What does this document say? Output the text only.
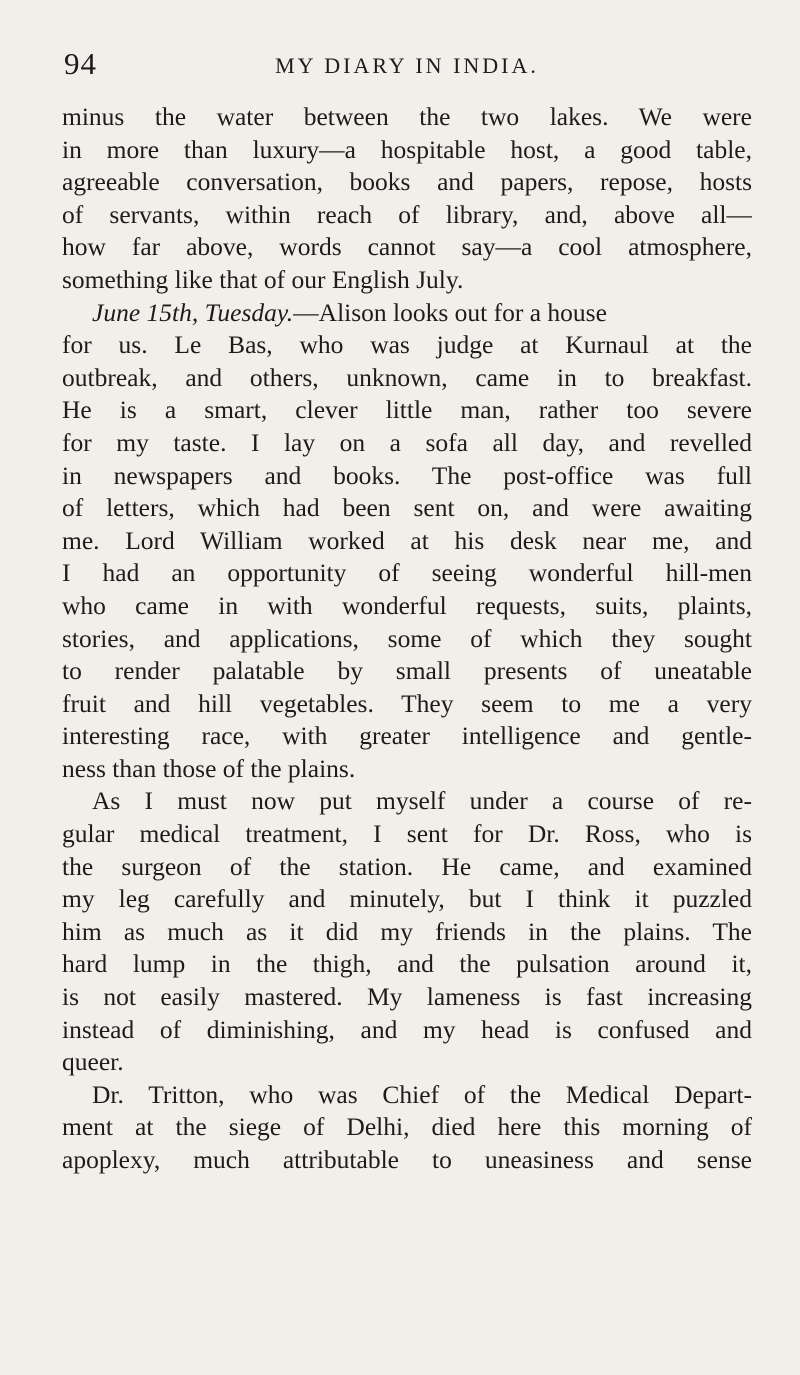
94	MY DIARY IN INDIA.
minus the water between the two lakes. We were
in more than luxury—a hospitable host, a good table,
agreeable conversation, books and papers, repose, hosts
of servants, within reach of library, and, above all—
how far above, words cannot say—a cool atmosphere,
something like that of our English July.
June 15th, Tuesday.—Alison looks out for a house
for us. Le Bas, who was judge at Kurnaul at the
outbreak, and others, unknown, came in to breakfast.
He is a smart, clever little man, rather too severe
for my taste. I lay on a sofa all day, and revelled
in newspapers and books. The post-office was full
of letters, which had been sent on, and were awaiting
me. Lord William worked at his desk near me, and
I had an opportunity of seeing wonderful hill-men
who came in with wonderful requests, suits, plaints,
stories, and applications, some of which they sought
to render palatable by small presents of uneatable
fruit and hill vegetables. They seem to me a very
interesting race, with greater intelligence and gentle-
ness than those of the plains.
As I must now put myself under a course of re-
gular medical treatment, I sent for Dr. Ross, who is
the surgeon of the station. He came, and examined
my leg carefully and minutely, but I think it puzzled
him as much as it did my friends in the plains. The
hard lump in the thigh, and the pulsation around it,
is not easily mastered. My lameness is fast increasing
instead of diminishing, and my head is confused and
queer.
Dr. Tritton, who was Chief of the Medical Depart-
ment at the siege of Delhi, died here this morning of
apoplexy, much attributable to uneasiness and sense
